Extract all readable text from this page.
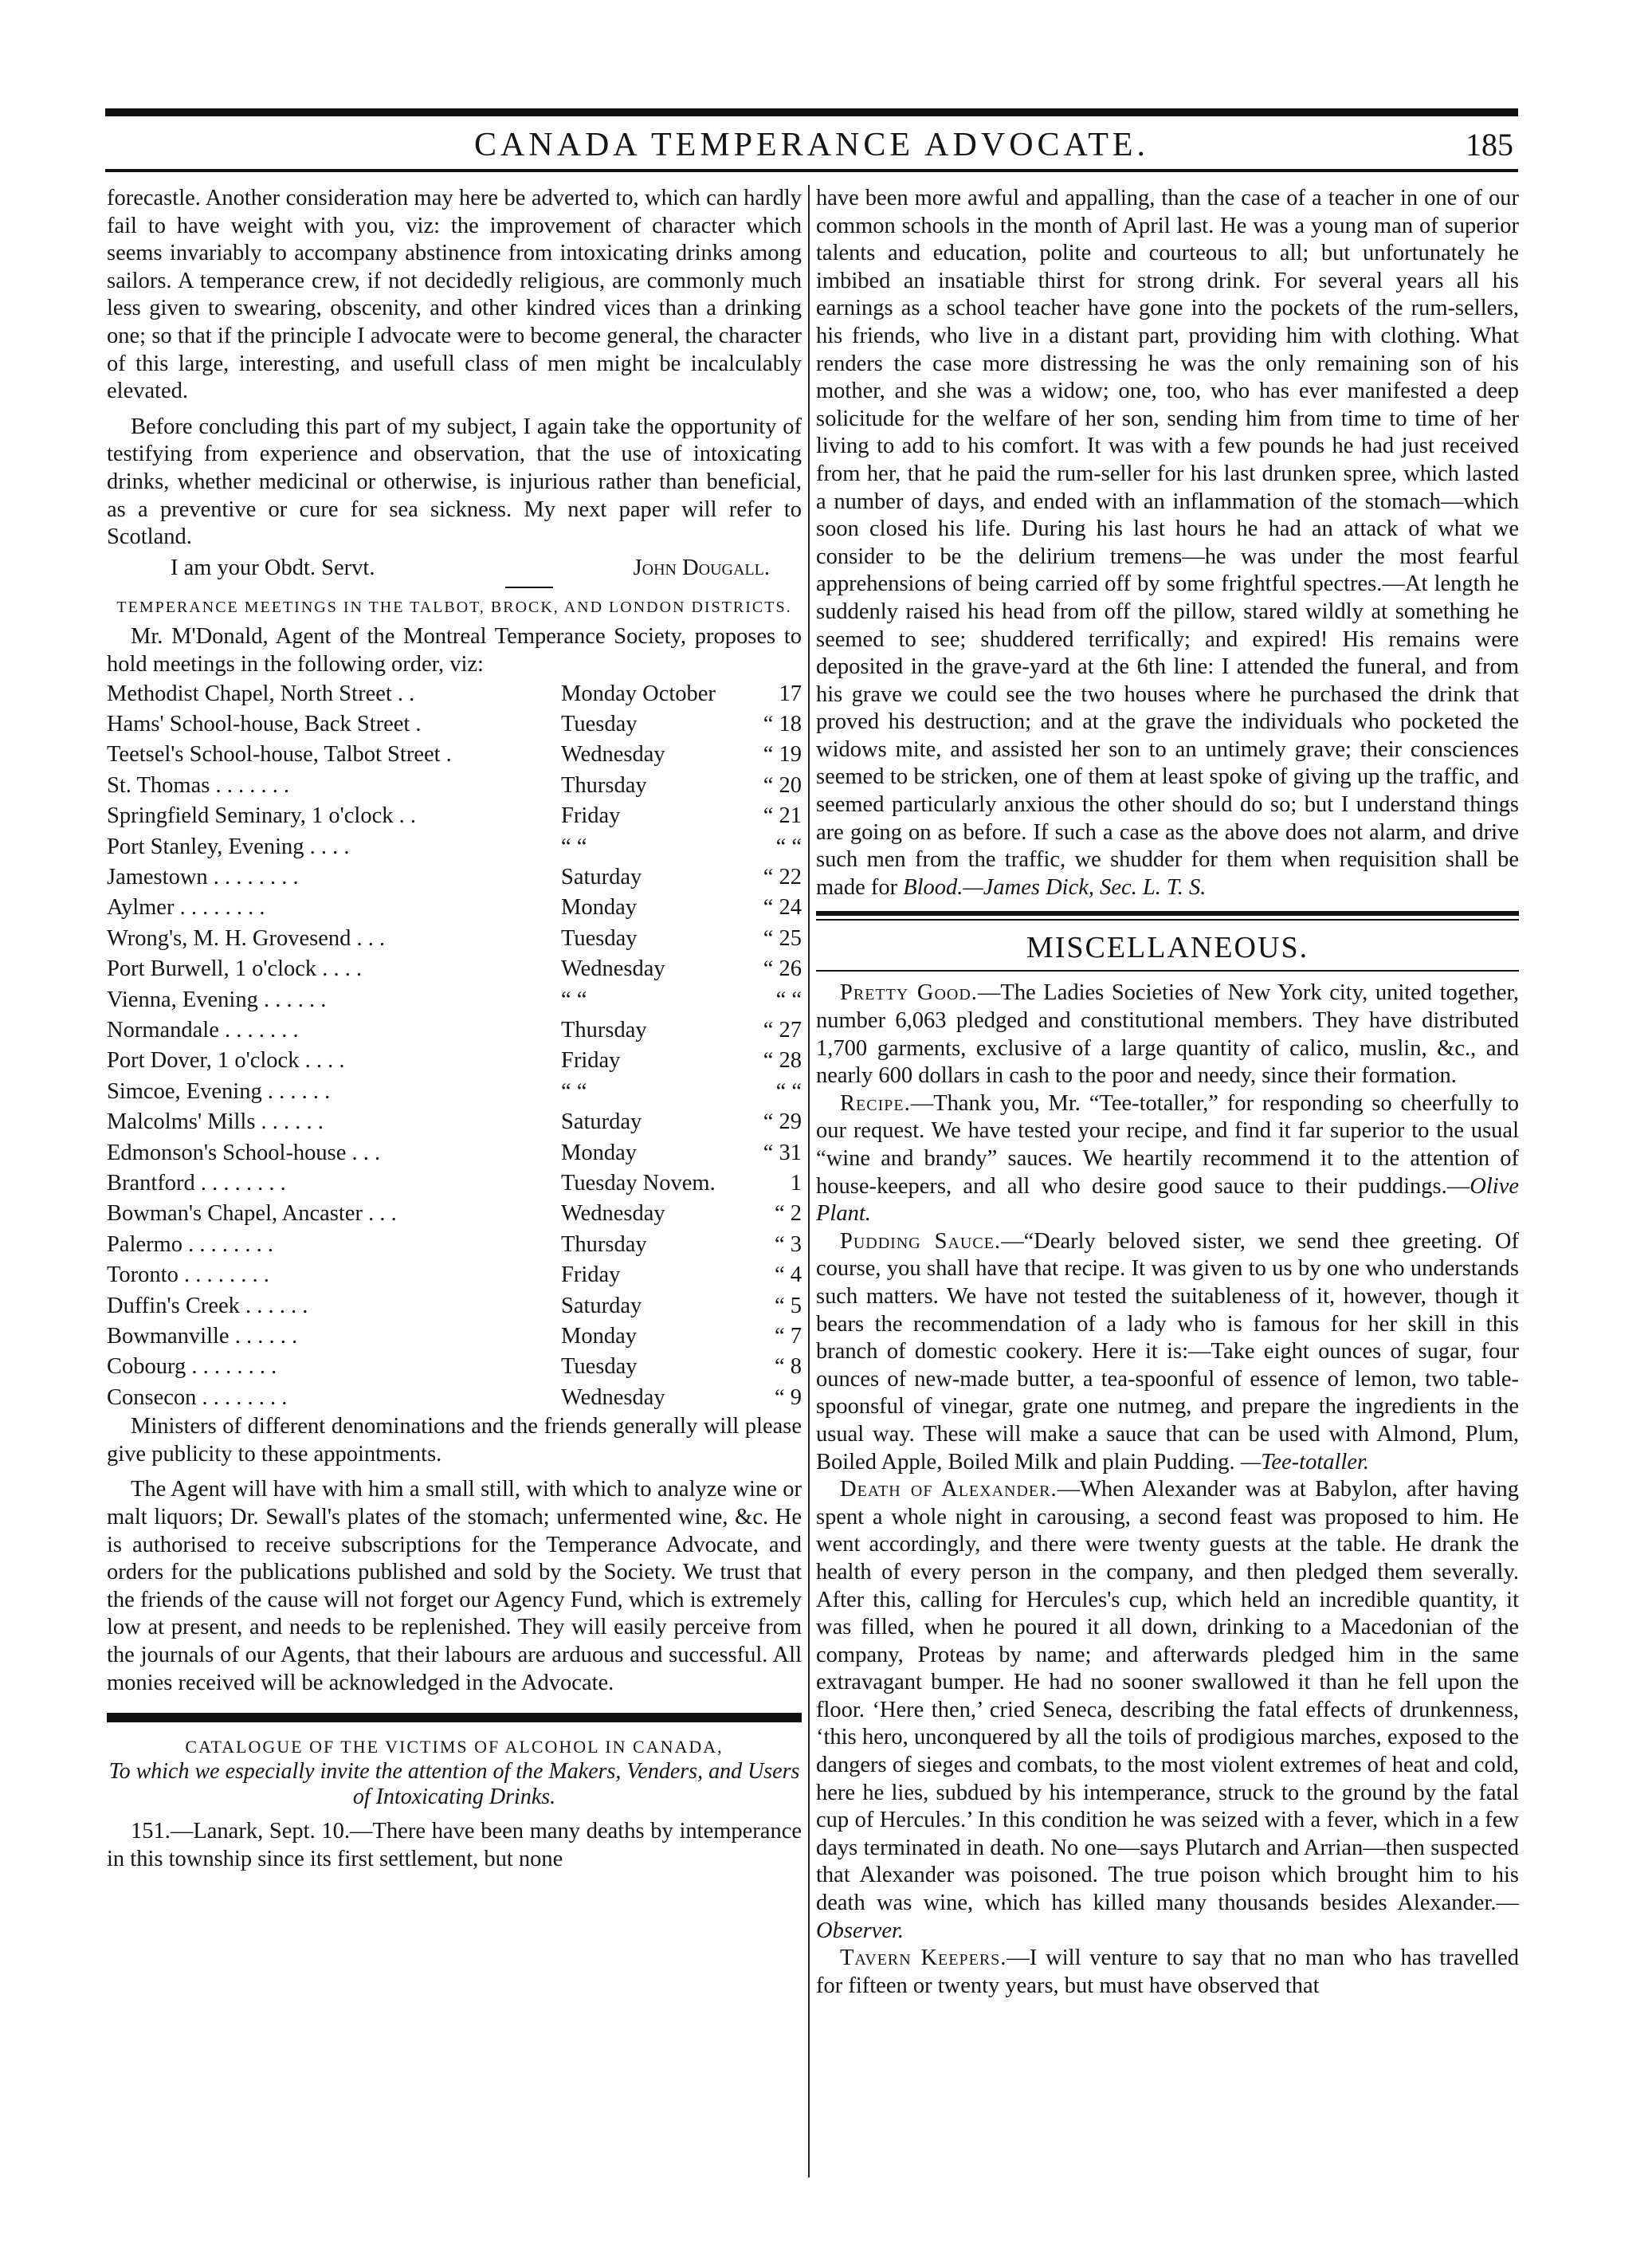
CANADA TEMPERANCE ADVOCATE.	185

forecastle. Another consideration may here be adverted to, which can hardly fail to have weight with you, viz: the improvement of character which seems invariably to accompany abstinence from intoxicating drinks among sailors. A temperance crew, if not decidedly religious, are commonly much less given to swearing, obscenity, and other kindred vices than a drinking one; so that if the principle I advocate were to become general, the character of this large, interesting, and usefull class of men might be incalculably elevated.

Before concluding this part of my subject, I again take the opportunity of testifying from experience and observation, that the use of intoxicating drinks, whether medicinal or otherwise, is injurious rather than beneficial, as a preventive or cure for sea sickness. My next paper will refer to Scotland.

I am your Obdt. Servt.	John Dougall.
TEMPERANCE MEETINGS IN THE TALBOT, BROCK, AND LONDON DISTRICTS.

Mr. M'Donald, Agent of the Montreal Temperance Society, proposes to hold meetings in the following order, viz:

Methodist Chapel, North Street . .	Monday October	17
Hams' School-house, Back Street .	Tuesday	“ 18
Teetsel's School-house, Talbot Street .	Wednesday	“ 19
St. Thomas . . . . . . .	Thursday	“ 20
Springfield Seminary, 1 o'clock . .	Friday	“ 21
Port Stanley, Evening . . . .	“ “	“ “
Jamestown . . . . . . . .	Saturday	“ 22
Aylmer . . . . . . . .	Monday	“ 24
Wrong's, M. H. Grovesend . . .	Tuesday	“ 25
Port Burwell, 1 o'clock . . . .	Wednesday	“ 26
Vienna, Evening . . . . . .	“ “	“ “
Normandale . . . . . . .	Thursday	“ 27
Port Dover, 1 o'clock . . . .	Friday	“ 28
Simcoe, Evening . . . . . .	“ “	“ “
Malcolms' Mills . . . . . .	Saturday	“ 29
Edmonson's School-house . . .	Monday	“ 31
Brantford . . . . . . . .	Tuesday Novem.	1
Bowman's Chapel, Ancaster . . .	Wednesday	“ 2
Palermo . . . . . . . .	Thursday	“ 3
Toronto . . . . . . . .	Friday	“ 4
Duffin's Creek . . . . . .	Saturday	“ 5
Bowmanville . . . . . .	Monday	“ 7
Cobourg . . . . . . . .	Tuesday	“ 8
Consecon . . . . . . . .	Wednesday	“ 9

Ministers of different denominations and the friends generally will please give publicity to these appointments.

The Agent will have with him a small still, with which to analyze wine or malt liquors; Dr. Sewall's plates of the stomach; unfermented wine, &c. He is authorised to receive subscriptions for the Temperance Advocate, and orders for the publications published and sold by the Society. We trust that the friends of the cause will not forget our Agency Fund, which is extremely low at present, and needs to be replenished. They will easily perceive from the journals of our Agents, that their labours are arduous and successful. All monies received will be acknowledged in the Advocate.

CATALOGUE OF THE VICTIMS OF ALCOHOL IN CANADA,
To which we especially invite the attention of the Makers, Venders, and Users of Intoxicating Drinks.

151.—Lanark, Sept. 10.—There have been many deaths by intemperance in this township since its first settlement, but none

have been more awful and appalling, than the case of a teacher in one of our common schools in the month of April last. He was a young man of superior talents and education, polite and courteous to all; but unfortunately he imbibed an insatiable thirst for strong drink. For several years all his earnings as a school teacher have gone into the pockets of the rum-sellers, his friends, who live in a distant part, providing him with clothing. What renders the case more distressing he was the only remaining son of his mother, and she was a widow; one, too, who has ever manifested a deep solicitude for the welfare of her son, sending him from time to time of her living to add to his comfort. It was with a few pounds he had just received from her, that he paid the rum-seller for his last drunken spree, which lasted a number of days, and ended with an inflammation of the stomach—which soon closed his life. During his last hours he had an attack of what we consider to be the delirium tremens—he was under the most fearful apprehensions of being carried off by some frightful spectres.—At length he suddenly raised his head from off the pillow, stared wildly at something he seemed to see; shuddered terrifically; and expired! His remains were deposited in the grave-yard at the 6th line: I attended the funeral, and from his grave we could see the two houses where he purchased the drink that proved his destruction; and at the grave the individuals who pocketed the widows mite, and assisted her son to an untimely grave; their consciences seemed to be stricken, one of them at least spoke of giving up the traffic, and seemed particularly anxious the other should do so; but I understand things are going on as before. If such a case as the above does not alarm, and drive such men from the traffic, we shudder for them when requisition shall be made for Blood.—James Dick, Sec. L. T. S.

MISCELLANEOUS.

Pretty Good.—The Ladies Societies of New York city, united together, number 6,063 pledged and constitutional members. They have distributed 1,700 garments, exclusive of a large quantity of calico, muslin, &c., and nearly 600 dollars in cash to the poor and needy, since their formation.

Recipe.—Thank you, Mr. “Tee-totaller,” for responding so cheerfully to our request. We have tested your recipe, and find it far superior to the usual “wine and brandy” sauces. We heartily recommend it to the attention of house-keepers, and all who desire good sauce to their puddings.—Olive Plant.

Pudding Sauce.—“Dearly beloved sister, we send thee greeting. Of course, you shall have that recipe. It was given to us by one who understands such matters. We have not tested the suitableness of it, however, though it bears the recommendation of a lady who is famous for her skill in this branch of domestic cookery. Here it is:—Take eight ounces of sugar, four ounces of new-made butter, a tea-spoonful of essence of lemon, two table-spoonsful of vinegar, grate one nutmeg, and prepare the ingredients in the usual way. These will make a sauce that can be used with Almond, Plum, Boiled Apple, Boiled Milk and plain Pudding. —Tee-totaller.

Death of Alexander.—When Alexander was at Babylon, after having spent a whole night in carousing, a second feast was proposed to him. He went accordingly, and there were twenty guests at the table. He drank the health of every person in the company, and then pledged them severally. After this, calling for Hercules's cup, which held an incredible quantity, it was filled, when he poured it all down, drinking to a Macedonian of the company, Proteas by name; and afterwards pledged him in the same extravagant bumper. He had no sooner swallowed it than he fell upon the floor. ‘Here then,’ cried Seneca, describing the fatal effects of drunkenness, ‘this hero, unconquered by all the toils of prodigious marches, exposed to the dangers of sieges and combats, to the most violent extremes of heat and cold, here he lies, subdued by his intemperance, struck to the ground by the fatal cup of Hercules.’ In this condition he was seized with a fever, which in a few days terminated in death. No one—says Plutarch and Arrian—then suspected that Alexander was poisoned. The true poison which brought him to his death was wine, which has killed many thousands besides Alexander.—Observer.

Tavern Keepers.—I will venture to say that no man who has travelled for fifteen or twenty years, but must have observed that
